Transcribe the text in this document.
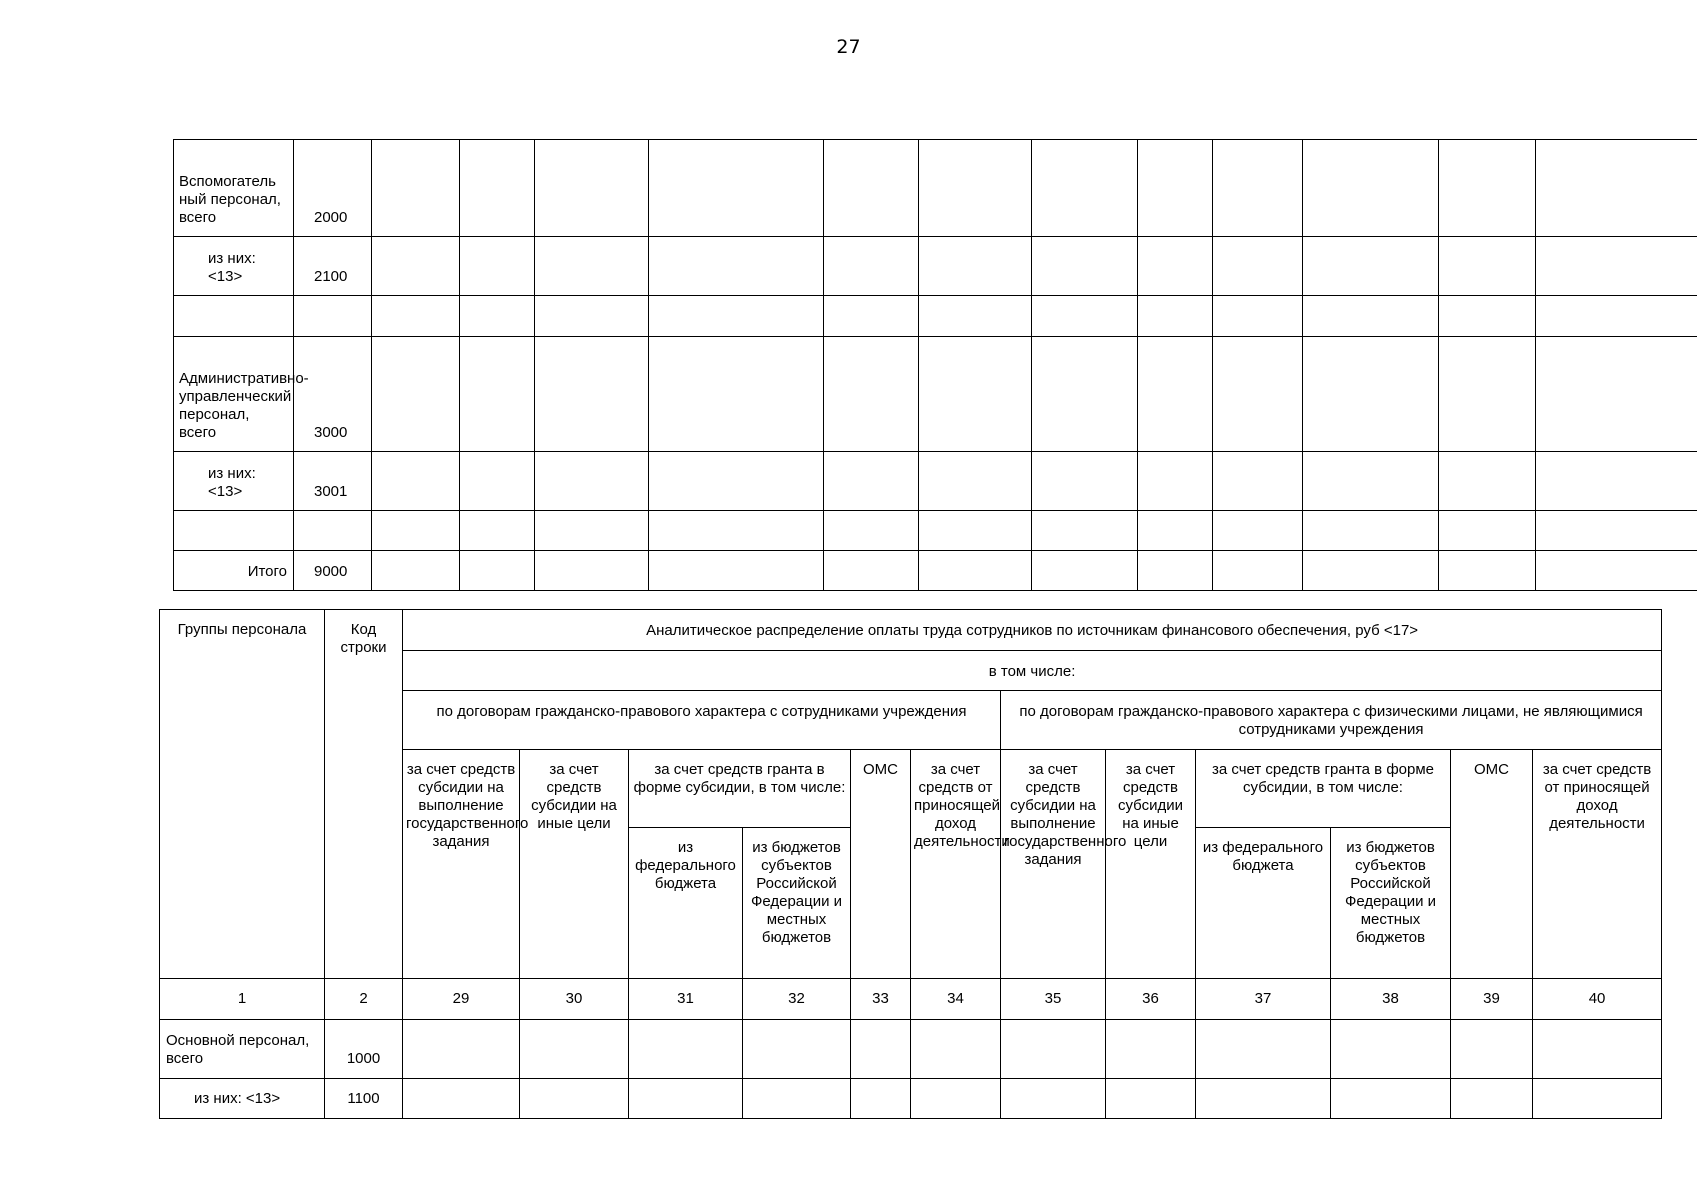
27
Вспомогатель ный персонал, всего	2000												
из них: <13>	2100												

Административно- управленческий персонал, всего	3000												
из них: <13>	3001												

Итого	9000												
Группы персонала	Код строки	Аналитическое распределение оплаты труда сотрудников по источникам финансового обеспечения, руб <17>											
		в том числе:											
		по договорам гражданско-правового характера с сотрудниками учреждения						по договорам гражданско-правового характера с физическими лицами, не являющимися сотрудниками учреждения					
		за счет средств субсидии на выполнение государственного задания	за счет средств субсидии на иные цели	за счет средств гранта в форме субсидии, в том числе:		ОМС	за счет средств от приносящей доход деятельности	за счет средств субсидии на выполнение государственного задания	за счет средств субсидии на иные цели	за счет средств гранта в форме субсидии, в том числе:		ОМС	за счет средств от приносящей доход деятельности
				из федерального бюджета	из бюджетов субъектов Российской Федерации и местных бюджетов					из федерального бюджета	из бюджетов субъектов Российской Федерации и местных бюджетов		
1	2	29	30	31	32	33	34	35	36	37	38	39	40
Основной персонал, всего	1000												
из них: <13>	1100												
